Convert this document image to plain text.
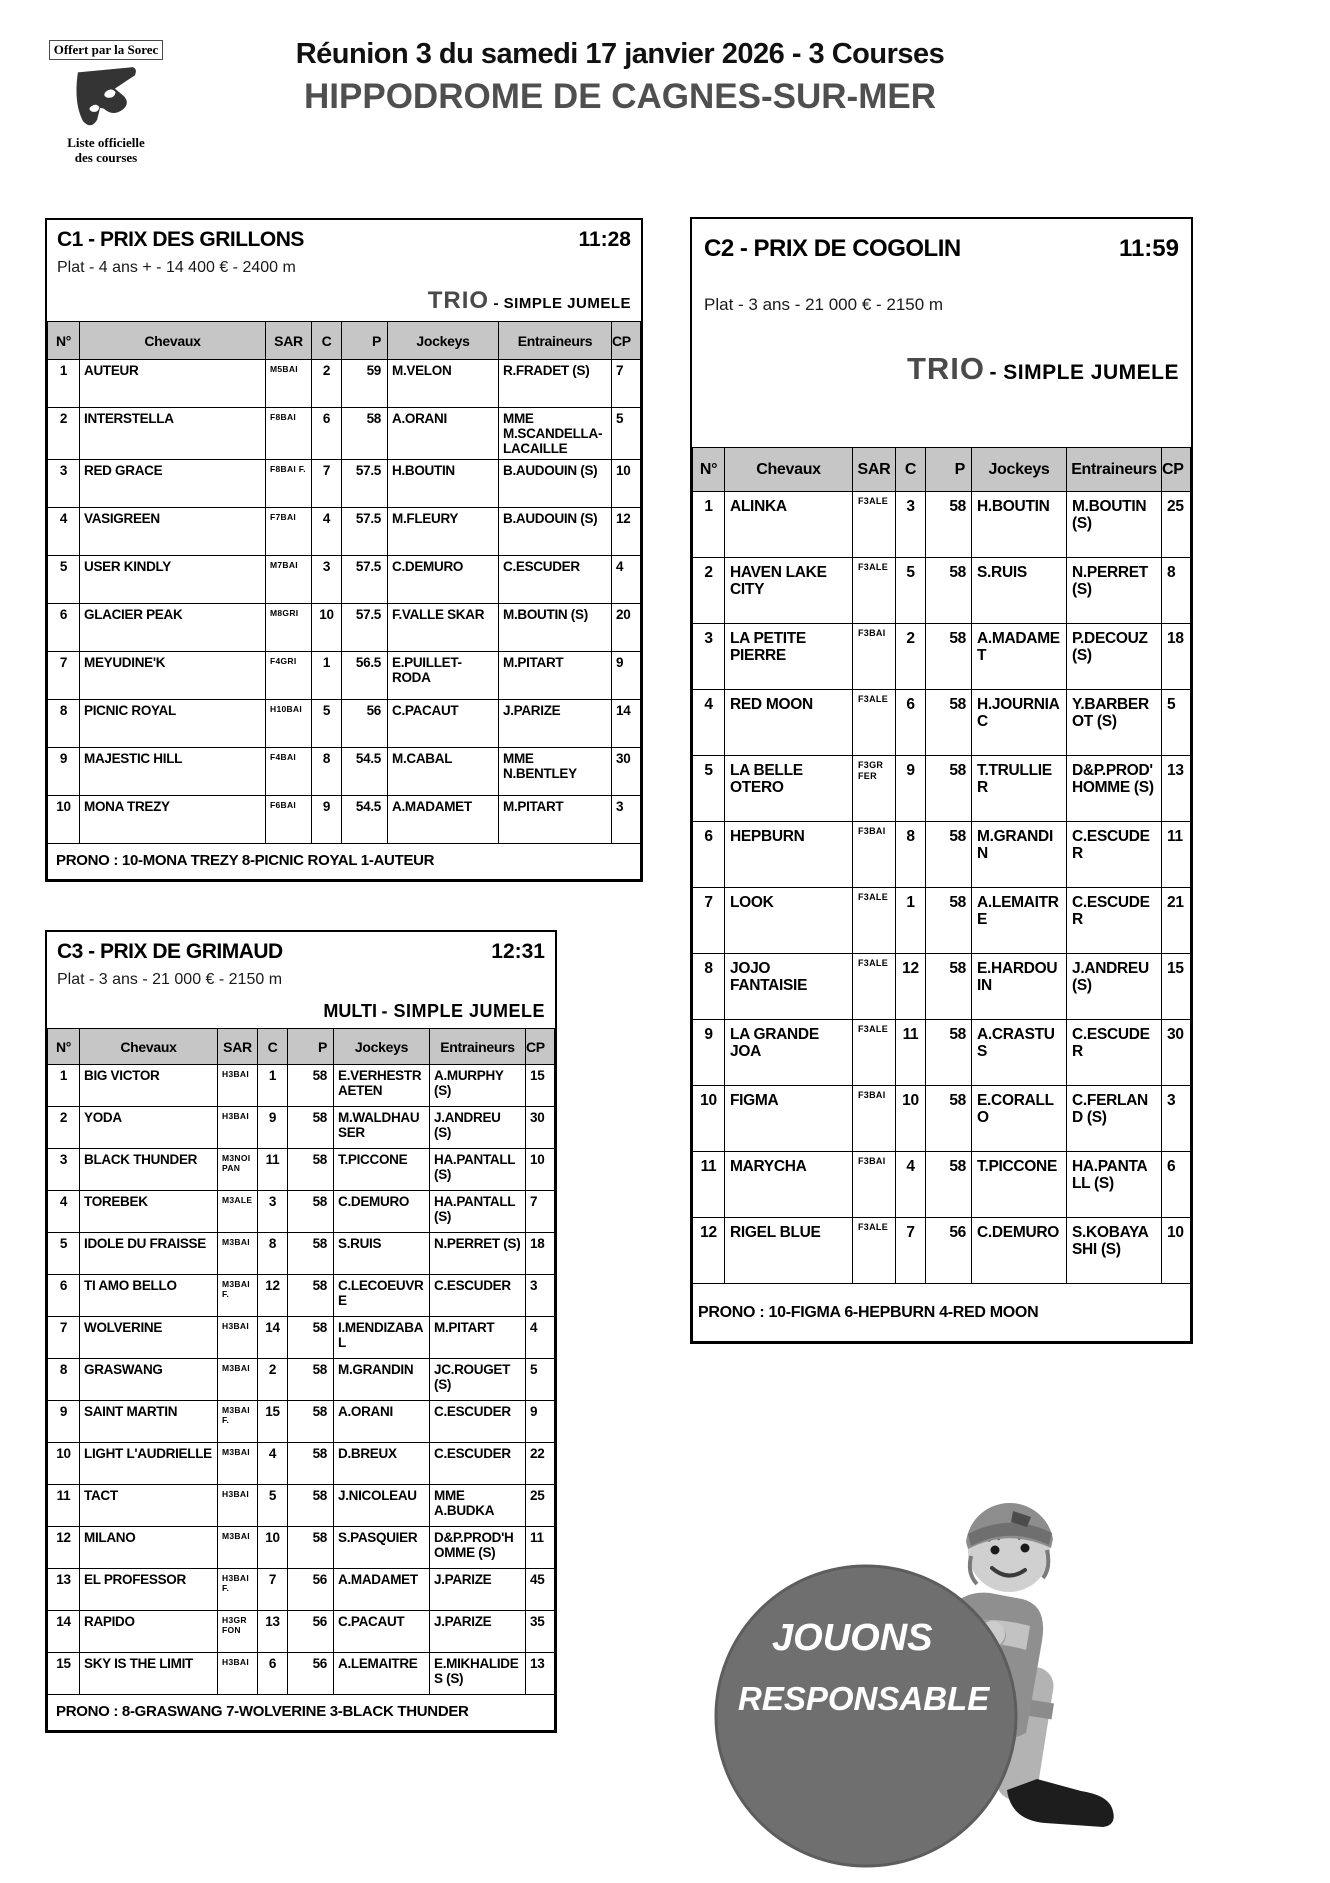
Offert par la Sorec
Liste officielle
des courses
Réunion 3 du samedi 17 janvier 2026 - 3 Courses
HIPPODROME DE CAGNES-SUR-MER
C1 - PRIX DES GRILLONS	11:28
Plat - 4 ans + - 14 400 € - 2400 m
TRIO - SIMPLE JUMELE
N°	Chevaux	SAR	C	P	Jockeys	Entraineurs	CP
1	AUTEUR	M5BAI	2	59	M.VELON	R.FRADET (S)	7
2	INTERSTELLA	F8BAI	6	58	A.ORANI	MME M.SCANDELLA-LACAILLE	5
3	RED GRACE	F8BAI F.	7	57.5	H.BOUTIN	B.AUDOUIN (S)	10
4	VASIGREEN	F7BAI	4	57.5	M.FLEURY	B.AUDOUIN (S)	12
5	USER KINDLY	M7BAI	3	57.5	C.DEMURO	C.ESCUDER	4
6	GLACIER PEAK	M8GRI	10	57.5	F.VALLE SKAR	M.BOUTIN (S)	20
7	MEYUDINE'K	F4GRI	1	56.5	E.PUILLET-RODA	M.PITART	9
8	PICNIC ROYAL	H10BAI	5	56	C.PACAUT	J.PARIZE	14
9	MAJESTIC HILL	F4BAI	8	54.5	M.CABAL	MME N.BENTLEY	30
10	MONA TREZY	F6BAI	9	54.5	A.MADAMET	M.PITART	3
PRONO : 10-MONA TREZY 8-PICNIC ROYAL 1-AUTEUR							
C2 - PRIX DE COGOLIN	11:59
Plat - 3 ans - 21 000 € - 2150 m
TRIO - SIMPLE JUMELE
N°	Chevaux	SAR	C	P	Jockeys	Entraineurs	CP
1	ALINKA	F3ALE	3	58	H.BOUTIN	M.BOUTIN (S)	25
2	HAVEN LAKE CITY	F3ALE	5	58	S.RUIS	N.PERRET (S)	8
3	LA PETITE PIERRE	F3BAI	2	58	A.MADAMET	P.DECOUZ (S)	18
4	RED MOON	F3ALE	6	58	H.JOURNIAC	Y.BARBEROT (S)	5
5	LA BELLE OTERO	F3GR FER	9	58	T.TRULLIER	D&P.PROD'HOMME (S)	13
6	HEPBURN	F3BAI	8	58	M.GRANDIN	C.ESCUDER	11
7	LOOK	F3ALE	1	58	A.LEMAITRE	C.ESCUDER	21
8	JOJO FANTAISIE	F3ALE	12	58	E.HARDOUIN	J.ANDREU (S)	15
9	LA GRANDE JOA	F3ALE	11	58	A.CRASTUS	C.ESCUDER	30
10	FIGMA	F3BAI	10	58	E.CORALLO	C.FERLAND (S)	3
11	MARYCHA	F3BAI	4	58	T.PICCONE	HA.PANTALL (S)	6
12	RIGEL BLUE	F3ALE	7	56	C.DEMURO	S.KOBAYASHI (S)	10
PRONO : 10-FIGMA 6-HEPBURN 4-RED MOON							
C3 - PRIX DE GRIMAUD	12:31
Plat - 3 ans - 21 000 € - 2150 m
MULTI - SIMPLE JUMELE
N°	Chevaux	SAR	C	P	Jockeys	Entraineurs	CP
1	BIG VICTOR	H3BAI	1	58	E.VERHESTRAETEN	A.MURPHY (S)	15
2	YODA	H3BAI	9	58	M.WALDHAUSER	J.ANDREU (S)	30
3	BLACK THUNDER	M3NOIPAN	11	58	T.PICCONE	HA.PANTALL (S)	10
4	TOREBEK	M3ALE	3	58	C.DEMURO	HA.PANTALL (S)	7
5	IDOLE DU FRAISSE	M3BAI	8	58	S.RUIS	N.PERRET (S)	18
6	TI AMO BELLO	M3BAI F.	12	58	C.LECOEUVRE	C.ESCUDER	3
7	WOLVERINE	H3BAI	14	58	I.MENDIZABAL	M.PITART	4
8	GRASWANG	M3BAI	2	58	M.GRANDIN	JC.ROUGET (S)	5
9	SAINT MARTIN	M3BAI F.	15	58	A.ORANI	C.ESCUDER	9
10	LIGHT L'AUDRIELLE	M3BAI	4	58	D.BREUX	C.ESCUDER	22
11	TACT	H3BAI	5	58	J.NICOLEAU	MME A.BUDKA	25
12	MILANO	M3BAI	10	58	S.PASQUIER	D&P.PROD'HOMME (S)	11
13	EL PROFESSOR	H3BAI F.	7	56	A.MADAMET	J.PARIZE	45
14	RAPIDO	H3GR FON	13	56	C.PACAUT	J.PARIZE	35
15	SKY IS THE LIMIT	H3BAI	6	56	A.LEMAITRE	E.MIKHALIDES (S)	13
PRONO : 8-GRASWANG 7-WOLVERINE 3-BLACK THUNDER							
JOUONS
RESPONSABLE
